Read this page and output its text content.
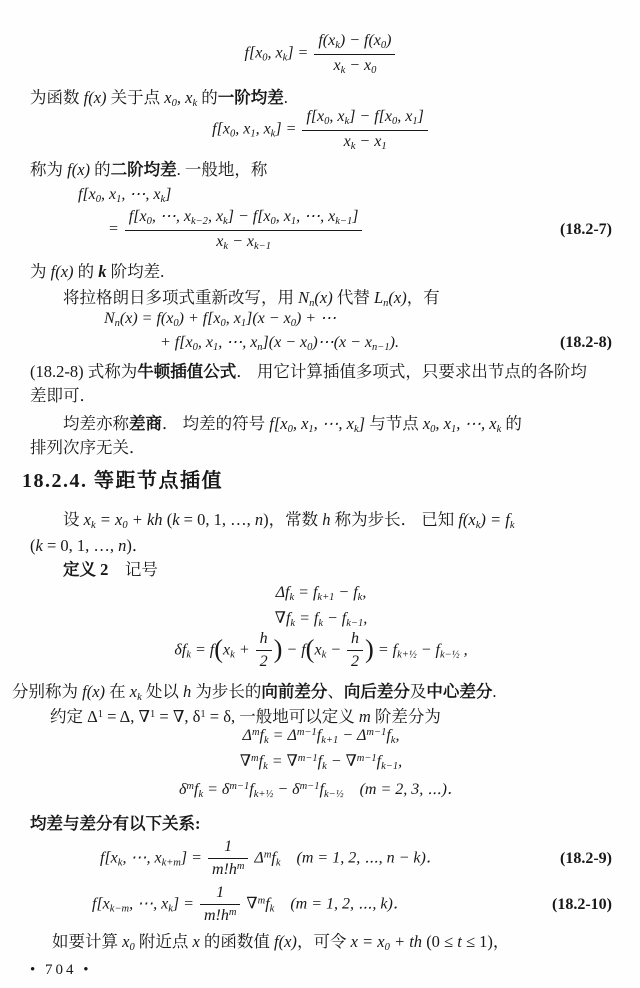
$f[x_0$, $x_k] = \frac{f(x_k) - f(x_0)}{x_k - x_0}$
为函数 f(x) 关于点 $x_0$, $x_k$ 的一阶均差.
$f[x_0$, $x_1$, $x_k] = \frac{f[x_0, x_k] - f[x_0, x_1]}{x_k - x_1}$
称为 f(x) 的二阶均差. 一般地，称
$f[x_0$, $x_1$, ⋯, $x_k$]
= $\frac{f[x_0, \cdots, x_{k-2}, x_k] - f[x_0, x_1, \cdots, x_{k-1}]}{x_k - x_{k-1}}$	(18.2-7)
为 f(x) 的 k 阶均差.
将拉格朗日多项式重新改写，用 $N_n(x)$ 代替 $L_n(x)$，有
$N_n(x) = f(x_0) + f[x_0$, $x_1](x - x_0)$ + ⋯
+ $f[x_0$, $x_1$, ⋯, $x_n](x$ − $x_0)\cdots(x - x_{n-1})$.	(18.2-8)
(18.2-8) 式称为牛顿插值公式． 用它计算插值多项式，只要求出节点的各阶均
差即可．
均差亦称差商． 均差的符号 $f[x_0$, $x_1$, ⋯, $x_k$] 与节点 $x_0$, $x_1$, ⋯, $x_k$ 的
排列次序无关．
18.2.4. 等距节点插值
设 $x_k = x_0$ + kh (k = 0, 1, …, n)，常数 h 称为步长． 已知 $f(x_k) = f_k$
(k = 0, 1, …, n)．
定义 2　记号
$\Delta f_k = f_{k+1} - f_k$,
$\nabla f_k = f_k - f_{k-1}$,
$\delta f_k = f(x_k + \frac{h}{2}$ ) − $f(x_k - \frac{h}{2}$ ) = $f_{k+\frac{1}{2}} - f_{k-\frac{1}{2}}$ ,
分别称为 f(x) 在 $x_k$ 处以 h 为步长的向前差分、向后差分及中心差分.
约定 $\Delta^1 = \Delta$, ∇$^1$ = ∇, $\delta^1 = \delta$, 一般地可以定义 m 阶差分为
$\Delta^mf_k = \Delta^{m-1}f_{k+1} - \Delta^{m-1}f_k$,
$\nabla^mf_k = \nabla^{m-1}f_k - \nabla^{m-1}f_{k-1}$,
$\delta^mf_k = \delta^{m-1}f_{k+\frac{1}{2}} - \delta^{m-1}f_{k-\frac{1}{2}}$　(m = 2, 3, ⋯)．
均差与差分有以下关系:
$f[x_k$, ⋯, $x_{k+m}] = \frac{1}{m!h^m} \Delta^mf_k$　(m = 1, 2, ⋯, n − k)．	(18.2-9)
$f[x_{k-m}$, ⋯, $x_k] = \frac{1}{m!h^m} \nabla^mf_k$　(m = 1, 2, ⋯, k)．	(18.2-10)
如要计算 $x_0$ 附近点 x 的函数值 f(x)，可令 $x = x_0$ + th (0 ≤ t ≤ 1)，
• 704 •
